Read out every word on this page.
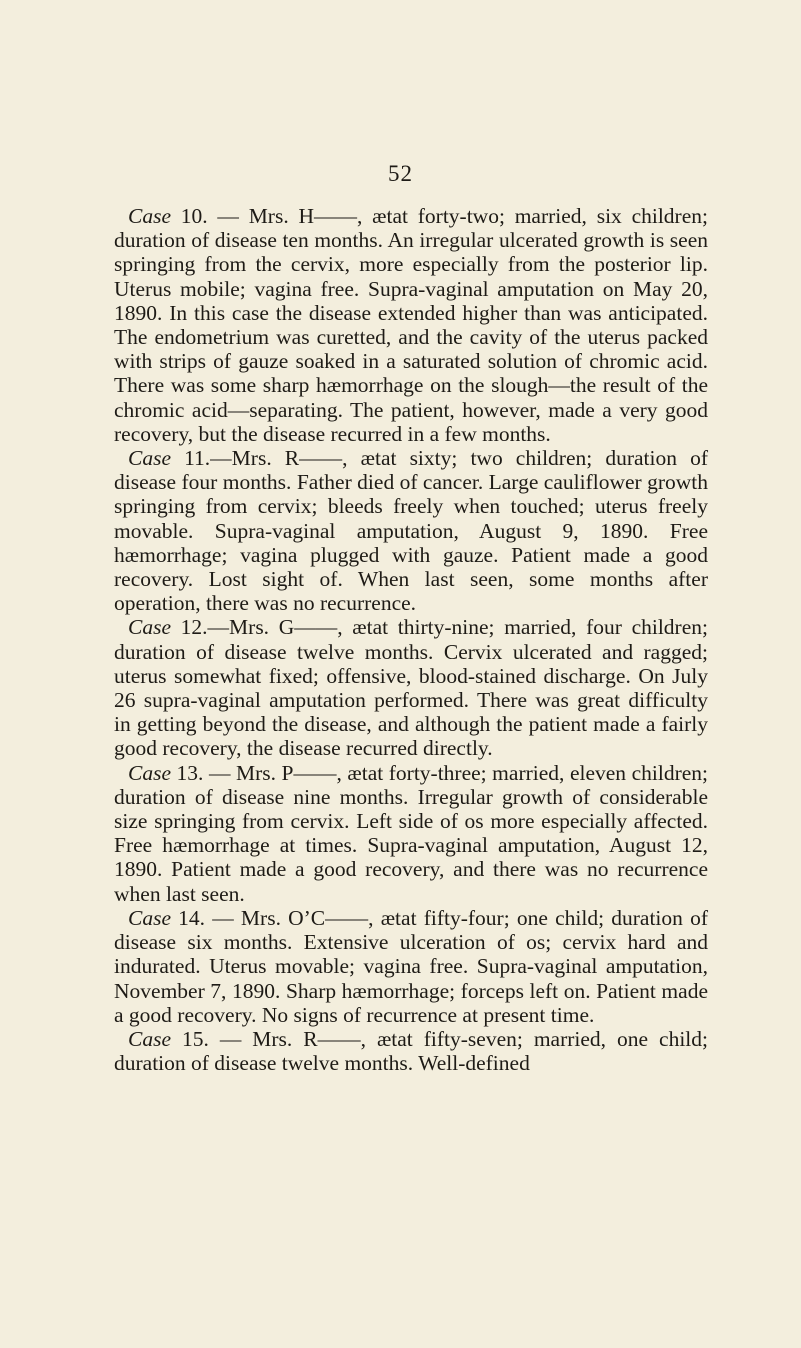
52

Case 10. — Mrs. H——, ætat forty-two; married, six children; duration of disease ten months. An irregular ulcerated growth is seen springing from the cervix, more especially from the posterior lip. Uterus mobile; vagina free. Supra-vaginal amputation on May 20, 1890. In this case the disease extended higher than was anticipated. The endometrium was curetted, and the cavity of the uterus packed with strips of gauze soaked in a saturated solution of chromic acid. There was some sharp hæmorrhage on the slough—the result of the chromic acid—separating. The patient, however, made a very good recovery, but the disease recurred in a few months.

Case 11.—Mrs. R——, ætat sixty; two children; duration of disease four months. Father died of cancer. Large cauliflower growth springing from cervix; bleeds freely when touched; uterus freely movable. Supra-vaginal amputation, August 9, 1890. Free hæmorrhage; vagina plugged with gauze. Patient made a good recovery. Lost sight of. When last seen, some months after operation, there was no recurrence.

Case 12.—Mrs. G——, ætat thirty-nine; married, four children; duration of disease twelve months. Cervix ulcerated and ragged; uterus somewhat fixed; offensive, blood-stained discharge. On July 26 supra-vaginal amputation performed. There was great difficulty in getting beyond the disease, and although the patient made a fairly good recovery, the disease recurred directly.

Case 13. — Mrs. P——, ætat forty-three; married, eleven children; duration of disease nine months. Irregular growth of considerable size springing from cervix. Left side of os more especially affected. Free hæmorrhage at times. Supra-vaginal amputation, August 12, 1890. Patient made a good recovery, and there was no recurrence when last seen.

Case 14. — Mrs. O’C——, ætat fifty-four; one child; duration of disease six months. Extensive ulceration of os; cervix hard and indurated. Uterus movable; vagina free. Supra-vaginal amputation, November 7, 1890. Sharp hæmorrhage; forceps left on. Patient made a good recovery. No signs of recurrence at present time.

Case 15. — Mrs. R——, ætat fifty-seven; married, one child; duration of disease twelve months. Well-defined
